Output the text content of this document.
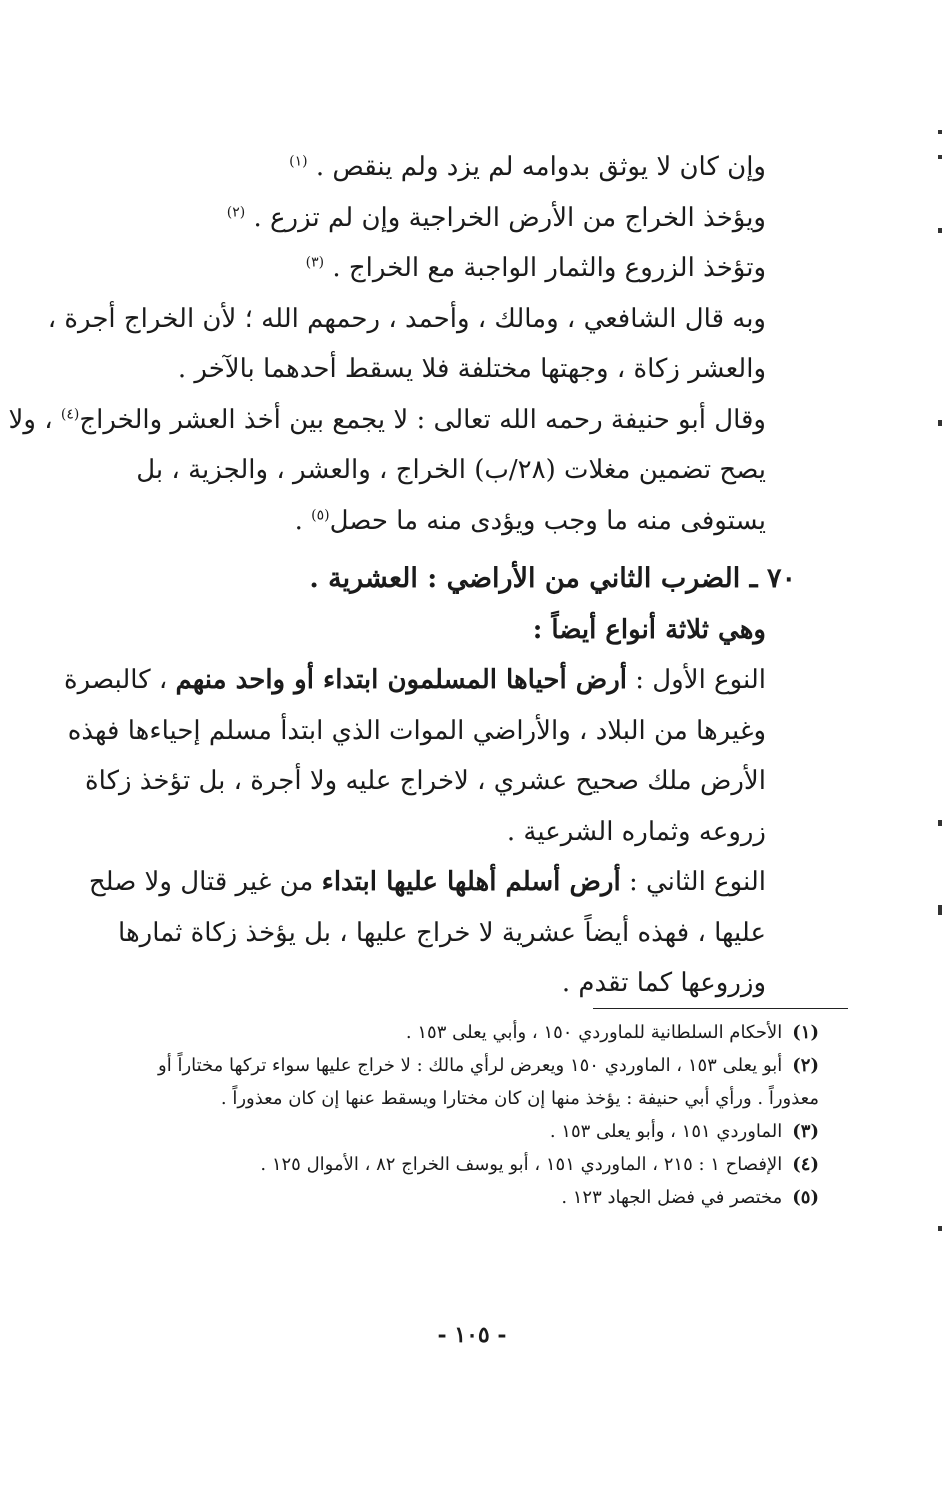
وإن كان لا يوثق بدوامه لم يزد ولم ينقص . $^{(١)}$
ويؤخذ الخراج من الأرض الخراجية وإن لم تزرع . $^{(٢)}$
وتؤخذ الزروع والثمار الواجبة مع الخراج . $^{(٣)}$
وبه قال الشافعي ، ومالك ، وأحمد ، رحمهم الله ؛ لأن الخراج أجرة ،
والعشر زكاة ، وجهتها مختلفة فلا يسقط أحدهما بالآخر .
وقال أبو حنيفة رحمه الله تعالى : لا يجمع بين أخذ العشر والخراج$^{(٤)}$ ، ولا
يصح تضمين مغلات (٢٨/ب) الخراج ، والعشر ، والجزية ، بل
يستوفى منه ما وجب ويؤدى منه ما حصل$^{(٥)}$ .
٧٠ ـ الضرب الثاني من الأراضي : العشرية .
وهي ثلاثة أنواع أيضاً :
النوع الأول : أرض أحياها المسلمون ابتداء أو واحد منهم ، كالبصرة
وغيرها من البلاد ، والأراضي الموات الذي ابتدأ مسلم إحياءها فهذه
الأرض ملك صحيح عشري ، لاخراج عليه ولا أجرة ، بل تؤخذ زكاة
زروعه وثماره الشرعية .
النوع الثاني : أرض أسلم أهلها عليها ابتداء من غير قتال ولا صلح
عليها ، فهذه أيضاً عشرية لا خراج عليها ، بل يؤخذ زكاة ثمارها
وزروعها كما تقدم .
(١)الأحكام السلطانية للماوردي ١٥٠ ، وأبي يعلى ١٥٣ .
(٢)أبو يعلى ١٥٣ ، الماوردي ١٥٠ ويعرض لرأي مالك : لا خراج عليها سواء تركها مختاراً أو
معذوراً . ورأي أبي حنيفة : يؤخذ منها إن كان مختارا ويسقط عنها إن كان معذوراً .
(٣)الماوردي ١٥١ ، وأبو يعلى ١٥٣ .
(٤)الإفصاح ١ : ٢١٥ ، الماوردي ١٥١ ، أبو يوسف الخراج ٨٢ ، الأموال ١٢٥ .
(٥)مختصر في فضل الجهاد ١٢٣ .
- ١٠٥ -
